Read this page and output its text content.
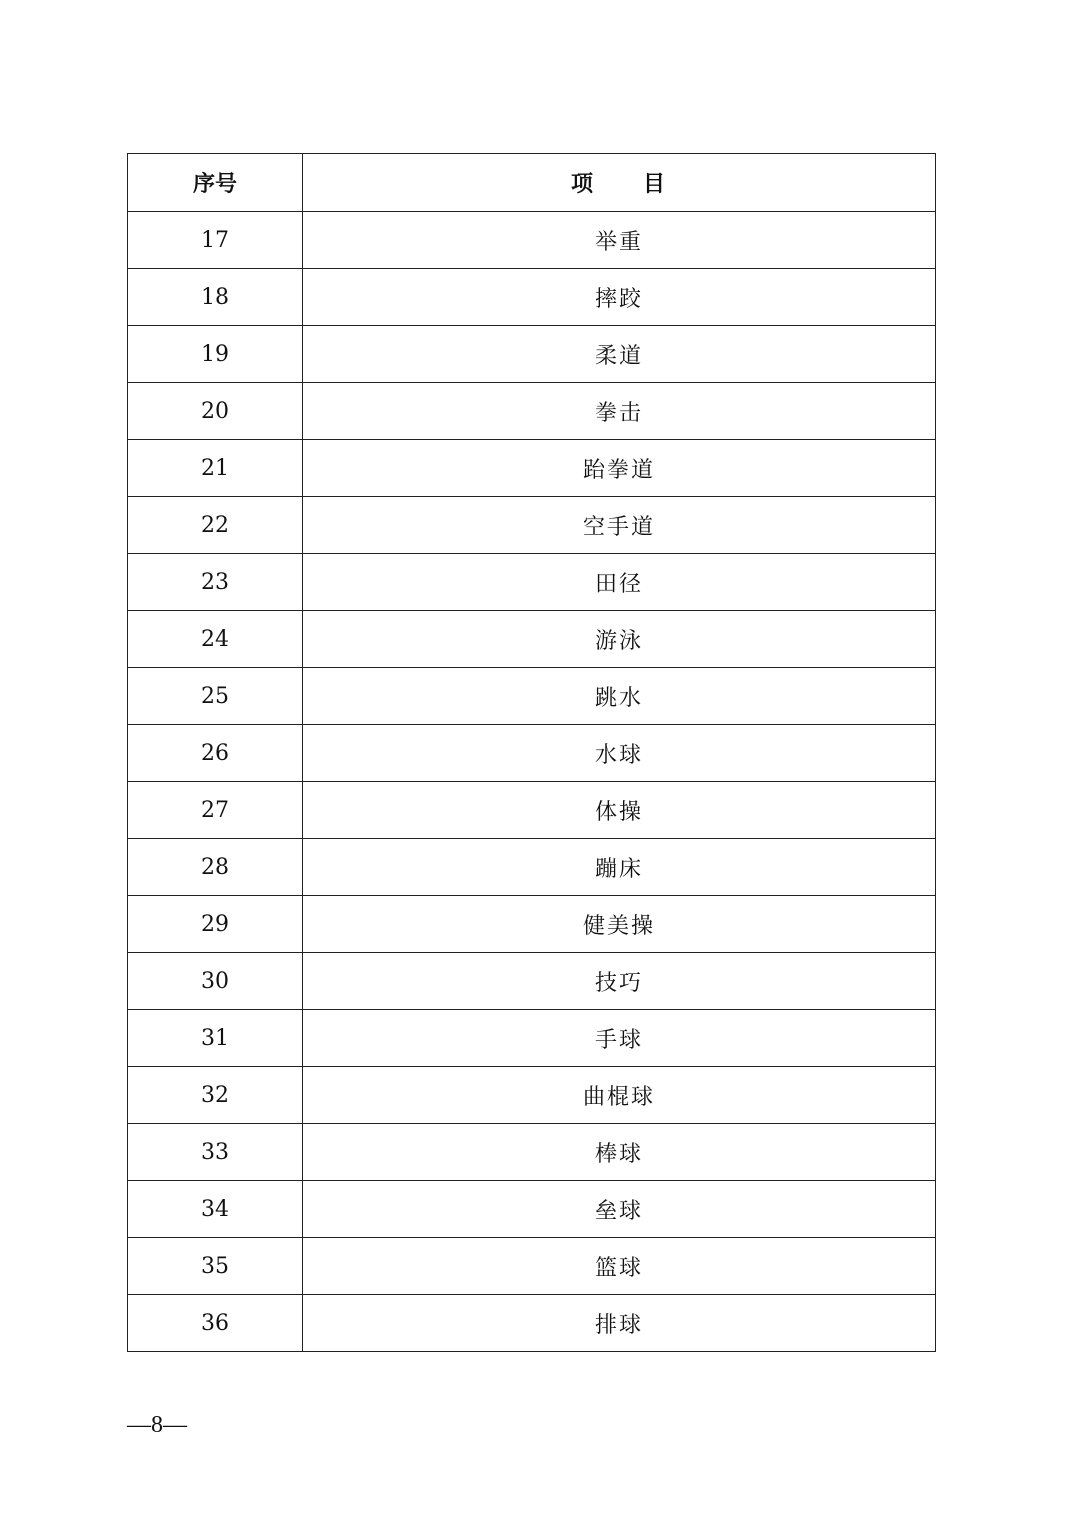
序号	项　　目
17	举重
18	摔跤
19	柔道
20	拳击
21	跆拳道
22	空手道
23	田径
24	游泳
25	跳水
26	水球
27	体操
28	蹦床
29	健美操
30	技巧
31	手球
32	曲棍球
33	棒球
34	垒球
35	篮球
36	排球
—8—
